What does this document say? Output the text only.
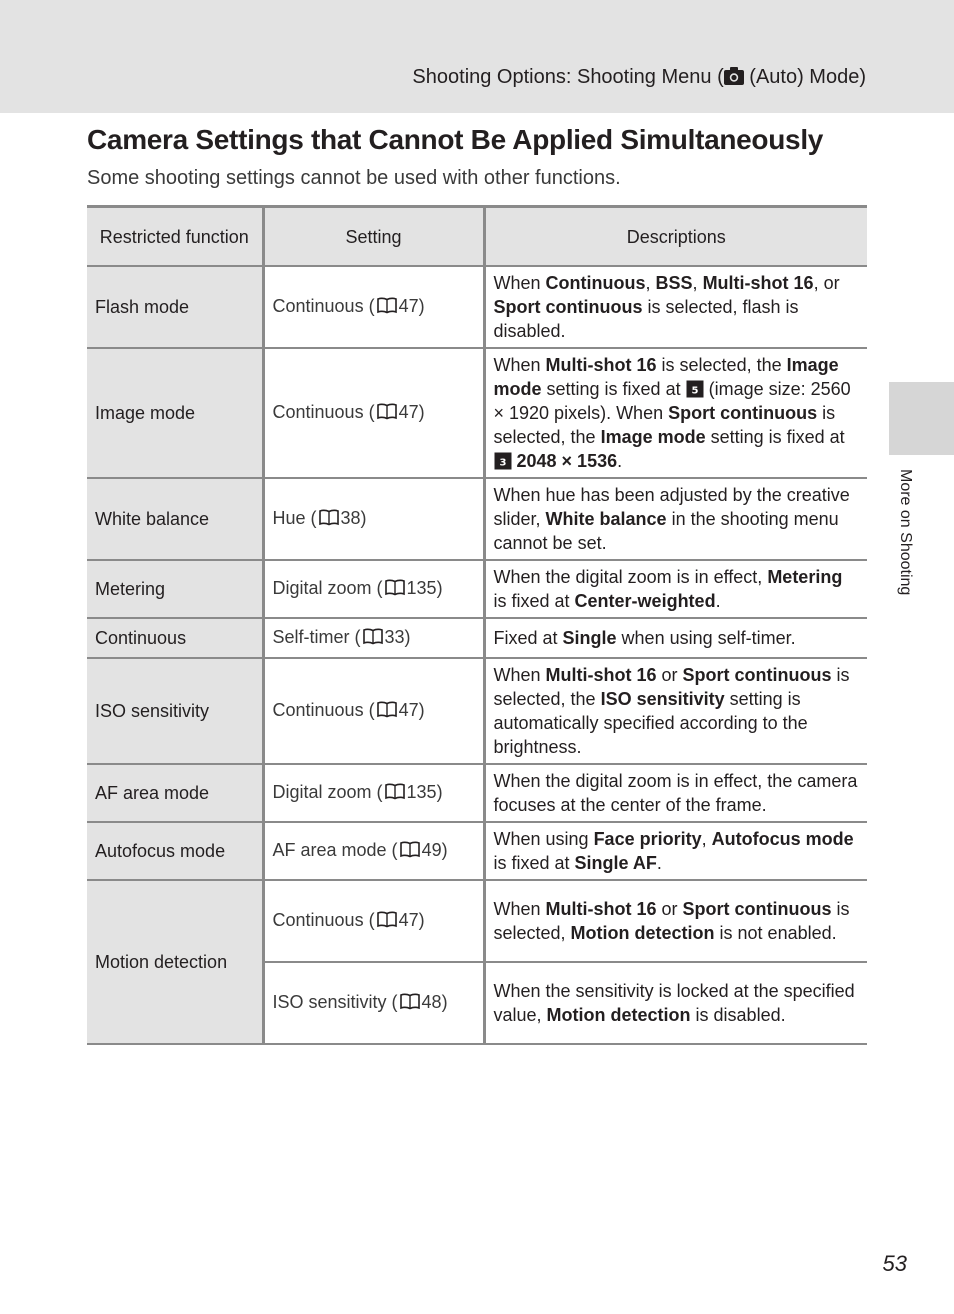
Shooting Options: Shooting Menu ( (Auto) Mode)
More on Shooting
Camera Settings that Cannot Be Applied Simultaneously

Some shooting settings cannot be used with other functions.

Restricted function	Setting	Descriptions
Flash mode	Continuous ( 47)	When Continuous, BSS, Multi-shot 16, or Sport continuous is selected, flash is disabled.
Image mode	Continuous ( 47)	When Multi-shot 16 is selected, the Image mode setting is fixed at 5 (image size: 2560 × 1920 pixels). When Sport continuous is selected, the Image mode setting is fixed at
3 2048 × 1536.
White balance	Hue ( 38)	When hue has been adjusted by the creative slider, White balance in the shooting menu cannot be set.
Metering	Digital zoom ( 135)	When the digital zoom is in effect, Metering is fixed at Center-weighted.
Continuous	Self-timer ( 33)	Fixed at Single when using self-timer.
ISO sensitivity	Continuous ( 47)	When Multi-shot 16 or Sport continuous is selected, the ISO sensitivity setting is automatically specified according to the brightness.
AF area mode	Digital zoom ( 135)	When the digital zoom is in effect, the camera focuses at the center of the frame.
Autofocus mode	AF area mode ( 49)	When using Face priority, Autofocus mode is fixed at Single AF.
Motion detection	Continuous ( 47)	When Multi-shot 16 or Sport continuous is selected, Motion detection is not enabled.
	ISO sensitivity ( 48)	When the sensitivity is locked at the specified value, Motion detection is disabled.
53
